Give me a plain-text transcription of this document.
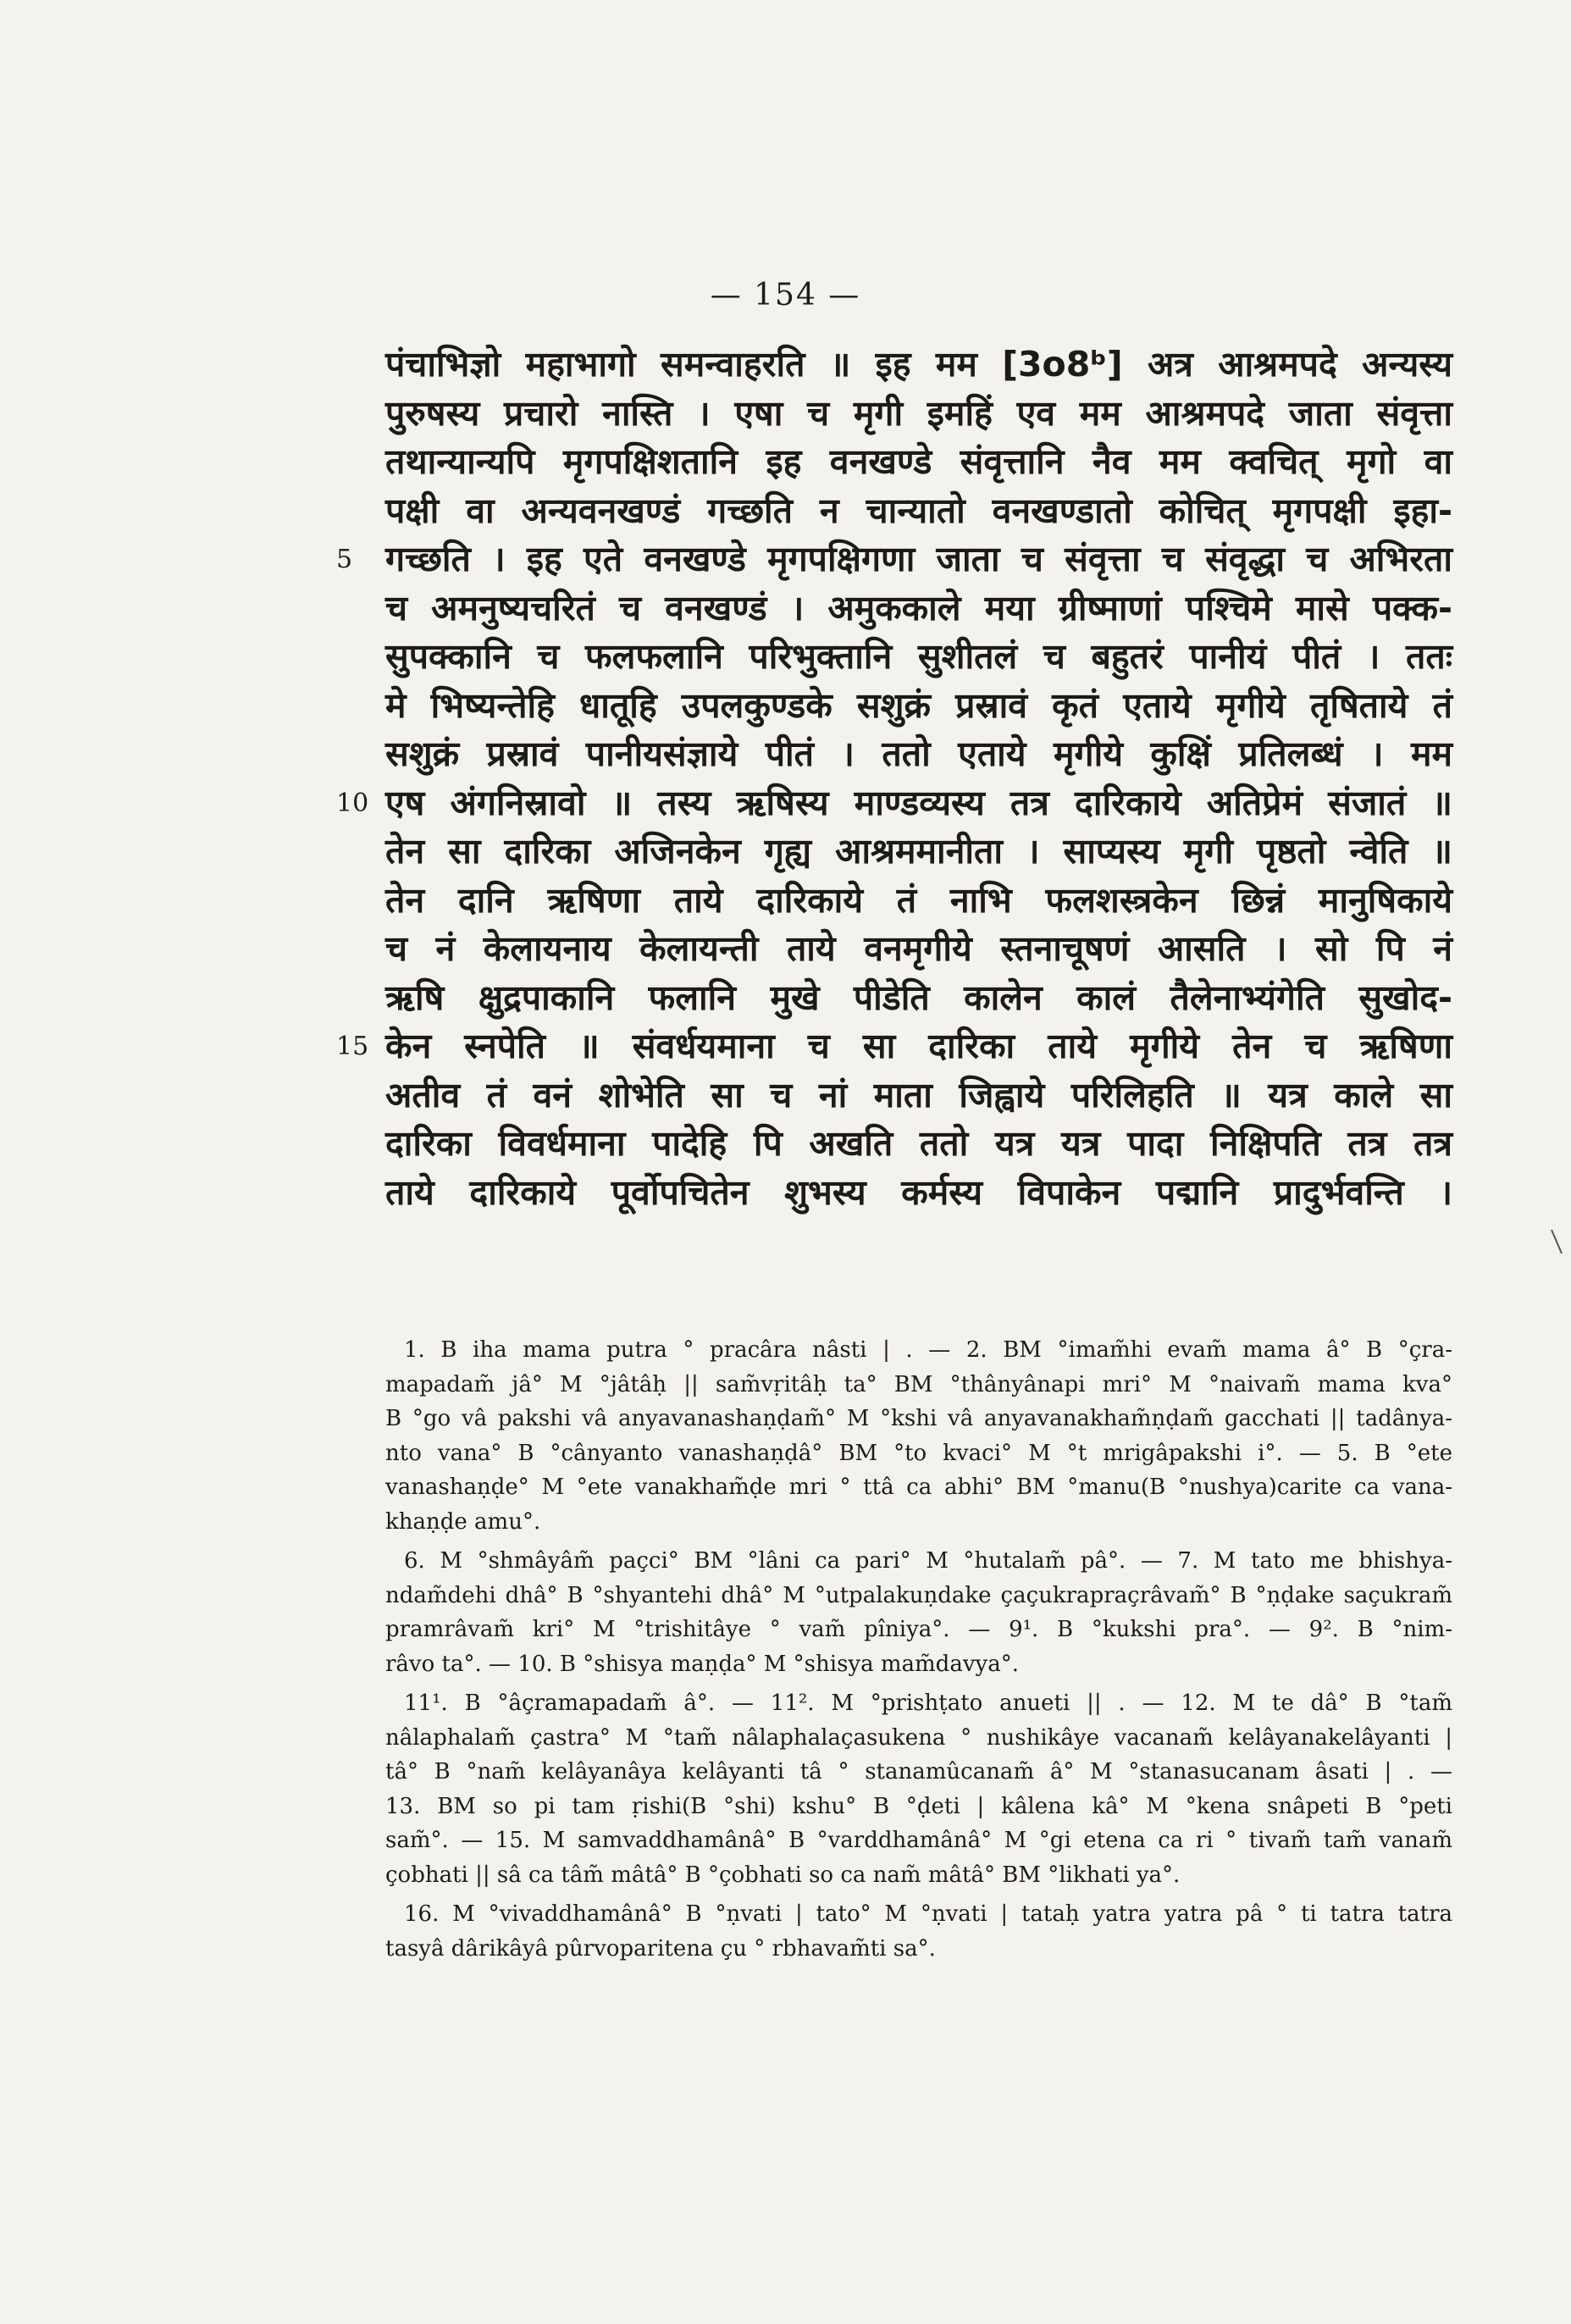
— 154 —
पंचाभिज्ञो महाभागो समन्वाहरति ॥ इह मम [3o8ᵇ] अत्र आश्रमपदे अन्यस्य
पुरुषस्य प्रचारो नास्ति । एषा च मृगी इमहिं एव मम आश्रमपदे जाता संवृत्ता
तथान्यान्यपि मृगपक्षिशतानि इह वनखण्डे संवृत्तानि नैव मम क्वचित् मृगो वा
पक्षी वा अन्यवनखण्डं गच्छति न चान्यातो वनखण्डातो कोचित् मृगपक्षी इहा-
5 गच्छति । इह एते वनखण्डे मृगपक्षिगणा जाता च संवृत्ता च संवृद्धा च अभिरता
च अमनुष्यचरितं च वनखण्डं । अमुककाले मया ग्रीष्माणां पश्चिमे मासे पक्क-
सुपक्कानि च फलफलानि परिभुक्तानि सुशीतलं च बहुतरं पानीयं पीतं । ततः
मे भिष्यन्तेहि धातूहि उपलकुण्डके सशुक्रं प्रस्रावं कृतं एताये मृगीये तृषिताये तं
सशुक्रं प्रस्रावं पानीयसंज्ञाये पीतं । ततो एताये मृगीये कुक्षिं प्रतिलब्धं । मम
10 एष अंगनिस्रावो ॥ तस्य ऋषिस्य माण्डव्यस्य तत्र दारिकाये अतिप्रेमं संजातं ॥
तेन सा दारिका अजिनकेन गृह्य आश्रममानीता । साप्यस्य मृगी पृष्ठतो न्वेति ॥
तेन दानि ऋषिणा ताये दारिकाये तं नाभि फलशस्त्रकेन छिन्नं मानुषिकाये
च नं केलायनाय केलायन्ती ताये वनमृगीये स्तनाचूषणं आसति । सो पि नं
ऋषि क्षुद्रपाकानि फलानि मुखे पीडेति कालेन कालं तैलेनाभ्यंगेति सुखोद-
15 केन स्नपेति ॥ संवर्धयमाना च सा दारिका ताये मृगीये तेन च ऋषिणा
अतीव तं वनं शोभेति सा च नां माता जिह्वाये परिलिहति ॥ यत्र काले सा
दारिका विवर्धमाना पादेहि पि अखति ततो यत्र यत्र पादा निक्षिपति तत्र तत्र
ताये दारिकाये पूर्वोपचितेन शुभस्य कर्मस्य विपाकेन पद्मानि प्रादुर्भवन्ति ।
1. B iha mama putra ° pracâra nâsti | . — 2. BM °imam̃hi evam̃ mama â° B °çra-
mapadam̃ jâ° M °jâtâḥ || sam̃vṛitâḥ ta° BM °thânyânapi mri° M °naivam̃ mama kva°
B °go vâ pakshi vâ anyavanashaṇḍam̃° M °kshi vâ anyavanakham̃ṇḍam̃ gacchati || tadânya-
nto vana° B °cânyanto vanashaṇḍâ° BM °to kvaci° M °t mrigâpakshi i°. — 5. B °ete
vanashaṇḍe° M °ete vanakham̃ḍe mri ° ttâ ca abhi° BM °manu(B °nushya)carite ca vana-
khaṇḍe amu°.
6. M °shmâyâm̃ paçci° BM °lâni ca pari° M °hutalam̃ pâ°. — 7. M tato me bhishya-
ndam̃dehi dhâ° B °shyantehi dhâ° M °utpalakuṇdake çaçukrapraçrâvam̃° B °ṇḍake saçukram̃
pramrâvam̃ kri° M °trishitâye ° vam̃ pîniya°. — 9¹. B °kukshi pra°. — 9². B °nim-
râvo ta°. — 10. B °shisya maṇḍa° M °shisya mam̃davya°.
11¹. B °âçramapadam̃ â°. — 11². M °prishṭato anueti || . — 12. M te dâ° B °tam̃
nâlaphalam̃ çastra° M °tam̃ nâlaphalaçasukena ° nushikâye vacanam̃ kelâyanakelâyanti |
tâ° B °nam̃ kelâyanâya kelâyanti tâ ° stanamûcanam̃ â° M °stanasucanam âsati | . —
13. BM so pi tam ṛishi(B °shi) kshu° B °ḍeti | kâlena kâ° M °kena snâpeti B °peti
sam̃°. — 15. M samvaddhamânâ° B °varddhamânâ° M °gi etena ca ri ° tivam̃ tam̃ vanam̃
çobhati || sâ ca tâm̃ mâtâ° B °çobhati so ca nam̃ mâtâ° BM °likhati ya°.
16. M °vivaddhamânâ° B °ṇvati | tato° M °ṇvati | tataḥ yatra yatra pâ ° ti tatra tatra
tasyâ dârikâyâ pûrvoparitena çu ° rbhavam̃ti sa°.
